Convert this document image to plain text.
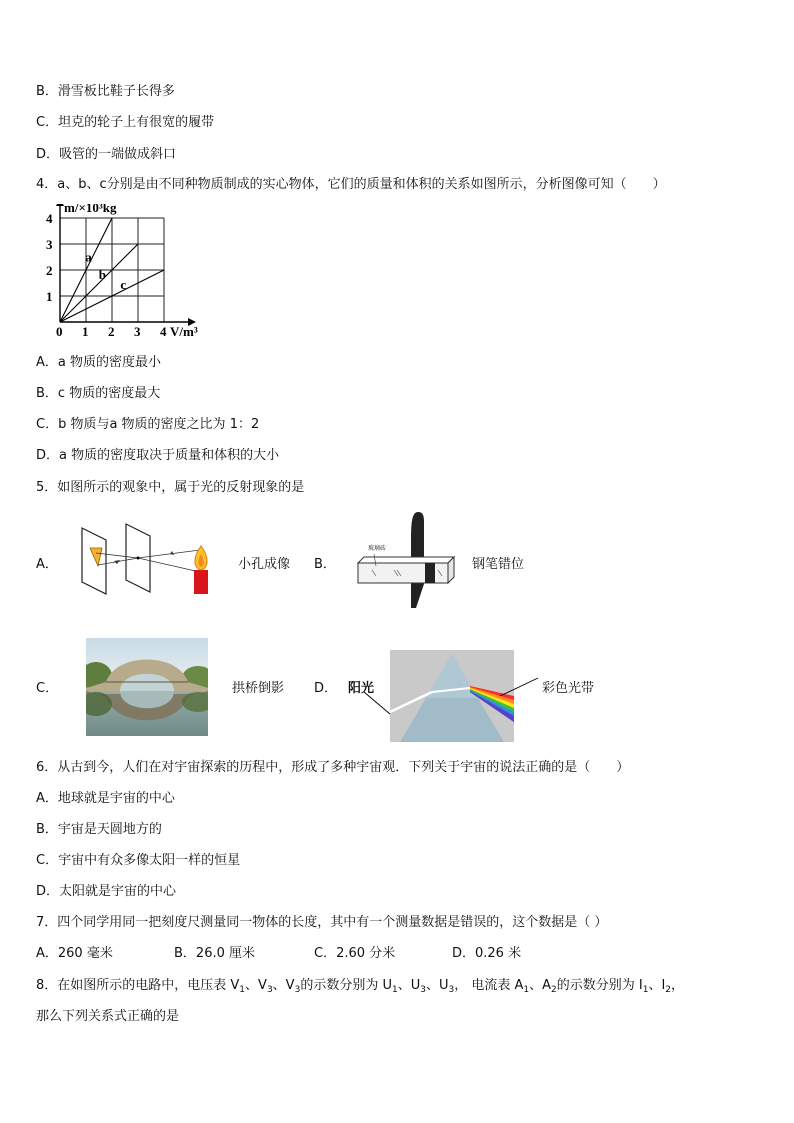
B．滑雪板比鞋子长得多
C．坦克的轮子上有很宽的履带
D．吸管的一端做成斜口
4．a、b、c分别是由不同种物质制成的实心物体，它们的质量和体积的关系如图所示，分析图像可知（　　）
0 1 2 3 4
1
2
3
4
m/×10³kg
V/m³
a
b
c
A．a 物质的密度最小
B．c 物质的密度最大
C．b 物质与a 物质的密度之比为 1：2
D．a 物质的密度取决于质量和体积的大小
5．如图所示的观象中，属于光的反射现象的是
A．	小孔成像 B．
玻璃砖
钢笔错位
C．	拱桥倒影 D． 阳光	彩色光带
6．从古到今，人们在对宇宙探索的历程中，形成了多种宇宙观．下列关于宇宙的说法正确的是（　　）
A．地球就是宇宙的中心
B．宇宙是天圆地方的
C．宇宙中有众多像太阳一样的恒星
D．太阳就是宇宙的中心
7．四个同学用同一把刻度尺测量同一物体的长度，其中有一个测量数据是错误的，这个数据是（ ）
A．260 毫米	B．26.0 厘米	C．2.60 分米	D．0.26 米
8．在如图所示的电路中，电压表 $V_1$、$V_3$、$V_3$的示数分别为 $U_1$、$U_3$、$U_3$， 电流表 $A_1$、$A_2$的示数分别为 $I_1$、$I_2$，
那么下列关系式正确的是
